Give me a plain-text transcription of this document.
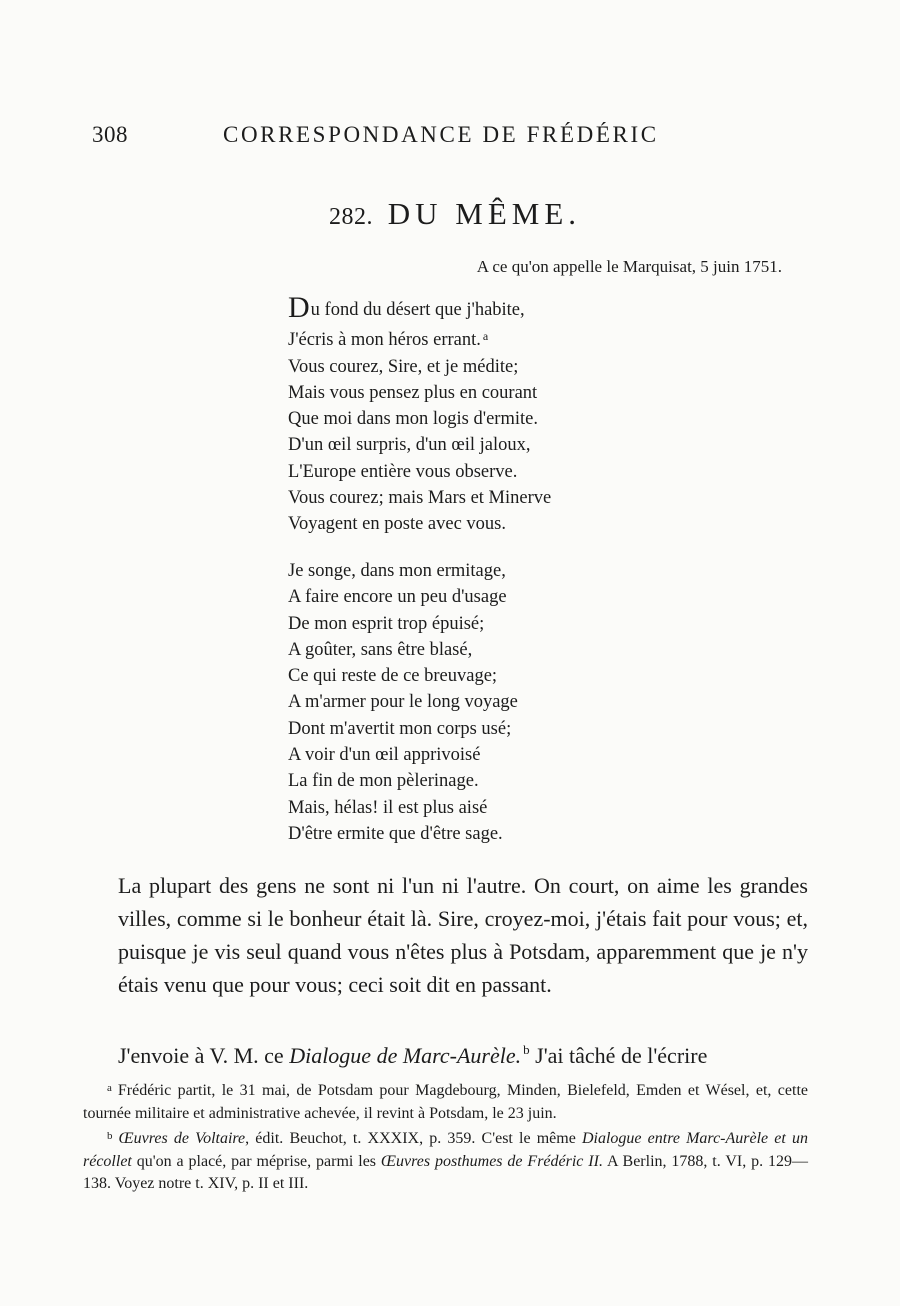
308	CORRESPONDANCE DE FRÉDÉRIC
282. DU MÊME.
A ce qu'on appelle le Marquisat, 5 juin 1751.

Du fond du désert que j'habite,

J'écris à mon héros errant. $^a$

Vous courez, Sire, et je médite;

Mais vous pensez plus en courant

Que moi dans mon logis d'ermite.

D'un œil surpris, d'un œil jaloux,

L'Europe entière vous observe.

Vous courez; mais Mars et Minerve

Voyagent en poste avec vous.

Je songe, dans mon ermitage,

A faire encore un peu d'usage

De mon esprit trop épuisé;

A goûter, sans être blasé,

Ce qui reste de ce breuvage;

A m'armer pour le long voyage

Dont m'avertit mon corps usé;

A voir d'un œil apprivoisé

La fin de mon pèlerinage.

Mais, hélas! il est plus aisé

D'être ermite que d'être sage.

La plupart des gens ne sont ni l'un ni l'autre. On court, on aime les grandes villes, comme si le bonheur était là. Sire, croyez-moi, j'étais fait pour vous; et, puisque je vis seul quand vous n'êtes plus à Potsdam, apparemment que je n'y étais venu que pour vous; ceci soit dit en passant.

J'envoie à V. M. ce Dialogue de Marc-Aurèle. $^b$ J'ai tâché de l'écrire

$^a$ Frédéric partit, le 31 mai, de Potsdam pour Magdebourg, Minden, Bielefeld, Emden et Wésel, et, cette tournée militaire et administrative achevée, il revint à Potsdam, le 23 juin.

$^b$ Œuvres de Voltaire, édit. Beuchot, t. XXXIX, p. 359. C'est le même Dialogue entre Marc-Aurèle et un récollet qu'on a placé, par méprise, parmi les Œuvres posthumes de Frédéric II. A Berlin, 1788, t. VI, p. 129—138. Voyez notre t. XIV, p. II et III.
